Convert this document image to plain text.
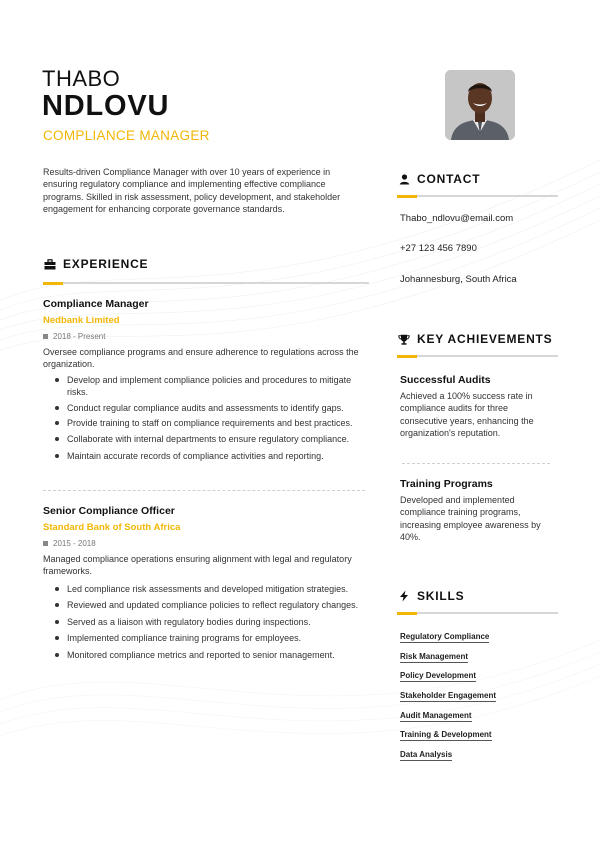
THABO
NDLOVU
COMPLIANCE MANAGER
Results-driven Compliance Manager with over 10 years of experience in ensuring regulatory compliance and implementing effective compliance programs. Skilled in risk assessment, policy development, and stakeholder engagement for enhancing corporate governance standards.
EXPERIENCE
Compliance Manager
Nedbank Limited
2018 - Present
Oversee compliance programs and ensure adherence to regulations across the organization.
Develop and implement compliance policies and procedures to mitigate risks.
Conduct regular compliance audits and assessments to identify gaps.
Provide training to staff on compliance requirements and best practices.
Collaborate with internal departments to ensure regulatory compliance.
Maintain accurate records of compliance activities and reporting.
Senior Compliance Officer
Standard Bank of South Africa
2015 - 2018
Managed compliance operations ensuring alignment with legal and regulatory frameworks.
Led compliance risk assessments and developed mitigation strategies.
Reviewed and updated compliance policies to reflect regulatory changes.
Served as a liaison with regulatory bodies during inspections.
Implemented compliance training programs for employees.
Monitored compliance metrics and reported to senior management.
CONTACT
Thabo_ndlovu@email.com
+27 123 456 7890
Johannesburg, South Africa
KEY ACHIEVEMENTS
Successful Audits
Achieved a 100% success rate in compliance audits for three consecutive years, enhancing the organization's reputation.
Training Programs
Developed and implemented compliance training programs, increasing employee awareness by 40%.
SKILLS
Regulatory Compliance
Risk Management
Policy Development
Stakeholder Engagement
Audit Management
Training & Development
Data Analysis
